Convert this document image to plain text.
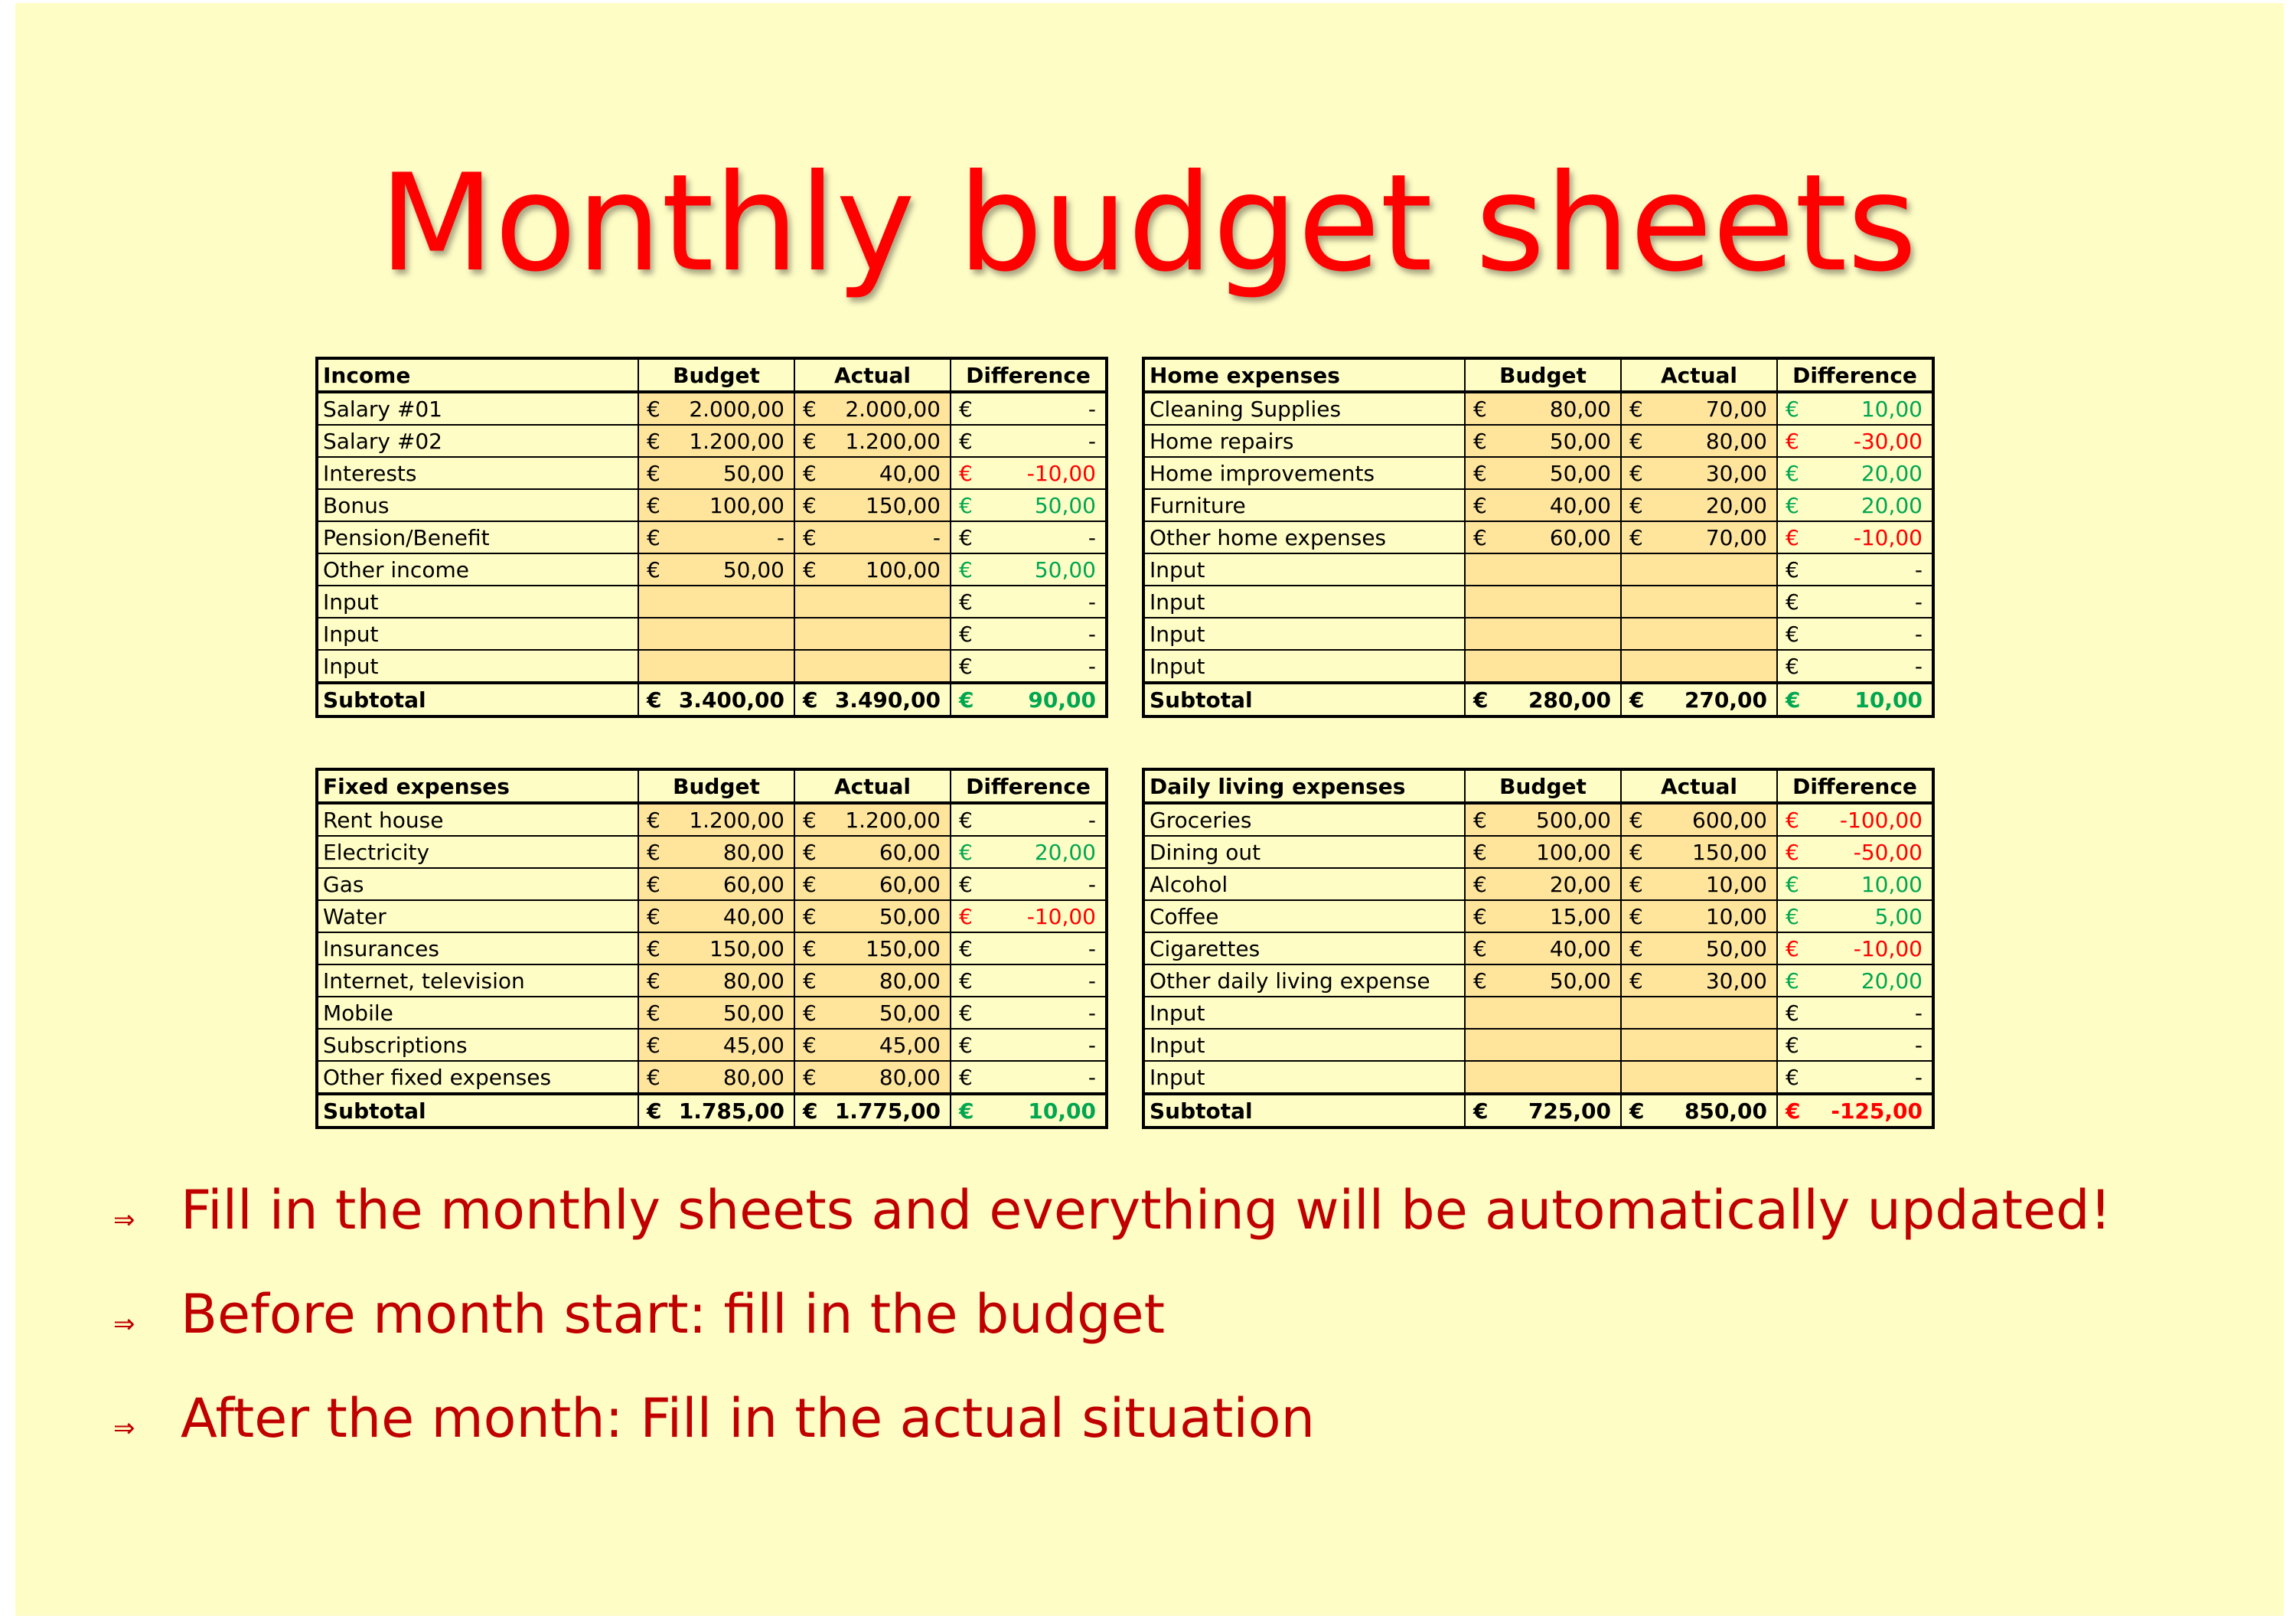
Monthly budget sheets
Income	Budget	Actual	Difference
Salary #01	€ 2.000,00	€ 2.000,00	€ -

Salary #02	€ 1.200,00	€ 1.200,00	€ -

Interests	€ 50,00	€ 40,00	€ -10,00

Bonus	€ 100,00	€ 150,00	€ 50,00

Pension/Benefit	€ -	€ -	€ -

Other income	€ 50,00	€ 100,00	€ 50,00

Input			€ -

Input			€ -

Input			€ -

Subtotal	€ 3.400,00	€ 3.490,00	€ 90,00
Home expenses	Budget	Actual	Difference
Cleaning Supplies	€ 80,00	€ 70,00	€ 10,00

Home repairs	€ 50,00	€ 80,00	€ -30,00

Home improvements	€ 50,00	€ 30,00	€ 20,00

Furniture	€ 40,00	€ 20,00	€ 20,00

Other home expenses	€ 60,00	€ 70,00	€ -10,00

Input			€ -

Input			€ -

Input			€ -

Input			€ -

Subtotal	€ 280,00	€ 270,00	€ 10,00
Fixed expenses	Budget	Actual	Difference
Rent house	€ 1.200,00	€ 1.200,00	€ -

Electricity	€ 80,00	€ 60,00	€ 20,00

Gas	€ 60,00	€ 60,00	€ -

Water	€ 40,00	€ 50,00	€ -10,00

Insurances	€ 150,00	€ 150,00	€ -

Internet, television	€ 80,00	€ 80,00	€ -

Mobile	€ 50,00	€ 50,00	€ -

Subscriptions	€ 45,00	€ 45,00	€ -

Other fixed expenses	€ 80,00	€ 80,00	€ -

Subtotal	€ 1.785,00	€ 1.775,00	€ 10,00
Daily living expenses	Budget	Actual	Difference
Groceries	€ 500,00	€ 600,00	€ -100,00

Dining out	€ 100,00	€ 150,00	€ -50,00

Alcohol	€ 20,00	€ 10,00	€ 10,00

Coffee	€ 15,00	€ 10,00	€ 5,00

Cigarettes	€ 40,00	€ 50,00	€ -10,00

Other daily living expense	€ 50,00	€ 30,00	€ 20,00

Input			€ -

Input			€ -

Input			€ -

Subtotal	€ 725,00	€ 850,00	€ -125,00
⇒ Fill in the monthly sheets and everything will be automatically updated!
⇒ Before month start: fill in the budget
⇒ After the month: Fill in the actual situation
